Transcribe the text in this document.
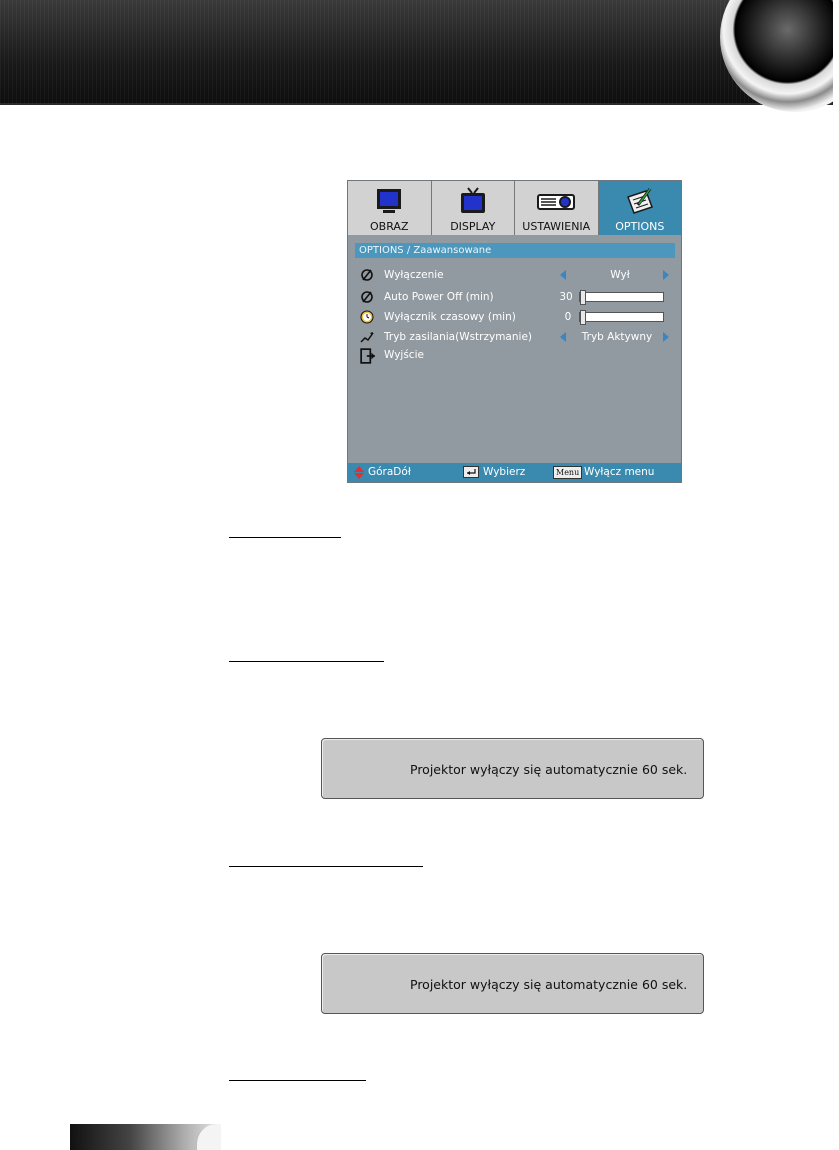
OBRAZ	DISPLAY	USTAWIENIA	OPTIONS
OPTIONS / Zaawansowane
Wyłączenie	Wył
Auto Power Off (min)	30
Wyłącznik czasowy (min)	0
Tryb zasilania(Wstrzymanie)	Tryb Aktywny
Wyjście
GóraDół	Wybierz	Menu Wyłącz menu
Projektor wyłączy się automatycznie 60 sek.
Projektor wyłączy się automatycznie 60 sek.
